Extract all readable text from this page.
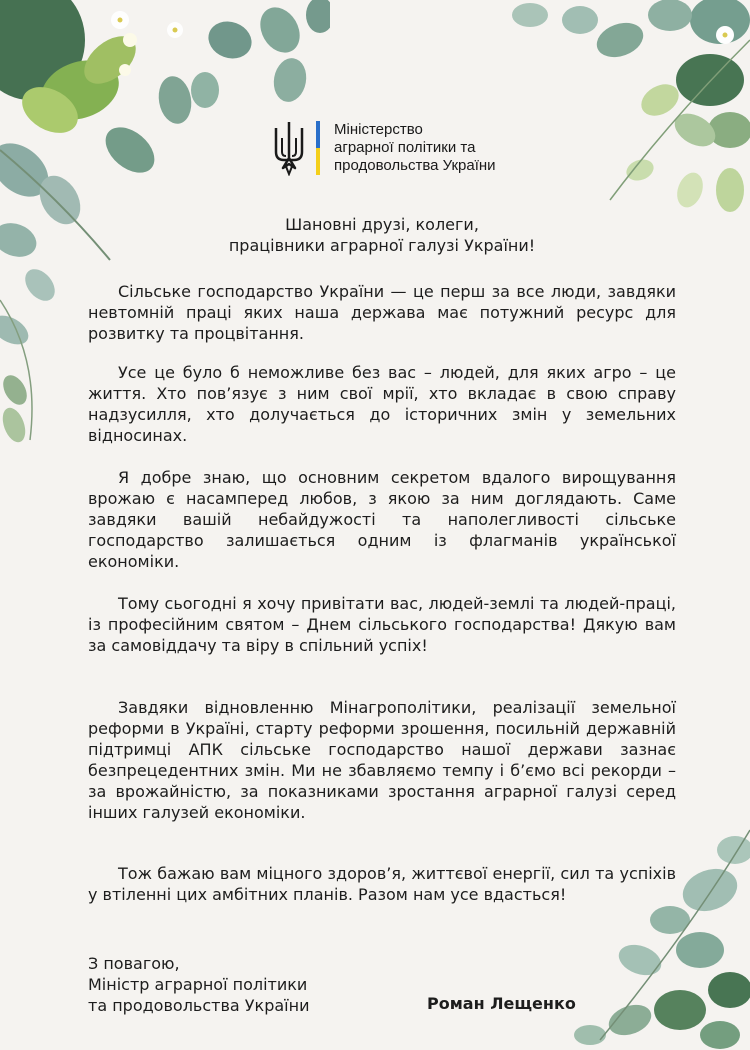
Міністерство
аграрної політики та
продовольства України
Шановні друзі, колеги,
працівники аграрної галузі України!

Сільське господарство України — це перш за все люди, завдяки невтомній праці яких наша держава має потужний ресурс для розвитку та процвітання.

Усе це було б неможливе без вас – людей, для яких агро – це життя. Хто пов’язує з ним свої мрії, хто вкладає в свою справу надзусилля, хто долучається до історичних змін у земельних відносинах.

Я добре знаю, що основним секретом вдалого вирощування врожаю є насамперед любов, з якою за ним доглядають. Саме завдяки вашій небайдужості та наполегливості сільське господарство залишається одним із флагманів української економіки.

Тому сьогодні я хочу привітати вас, людей-землі та людей-праці, із професійним святом – Днем сільського господарства! Дякую вам за самовіддачу та віру в спільний успіх!

Завдяки відновленню Мінагрополітики, реалізації земельної реформи в Україні, старту реформи зрошення, посильній державній підтримці АПК сільське господарство нашої держави зазнає безпрецедентних змін. Ми не збавляємо темпу і б’ємо всі рекорди – за врожайністю, за показниками зростання аграрної галузі серед інших галузей економіки.

Тож бажаю вам міцного здоров’я, життєвої енергії, сил та успіхів у втіленні цих амбітних планів. Разом нам усе вдасться!

З повагою,
Міністр аграрної політики
та продовольства України	Роман Лещенко
